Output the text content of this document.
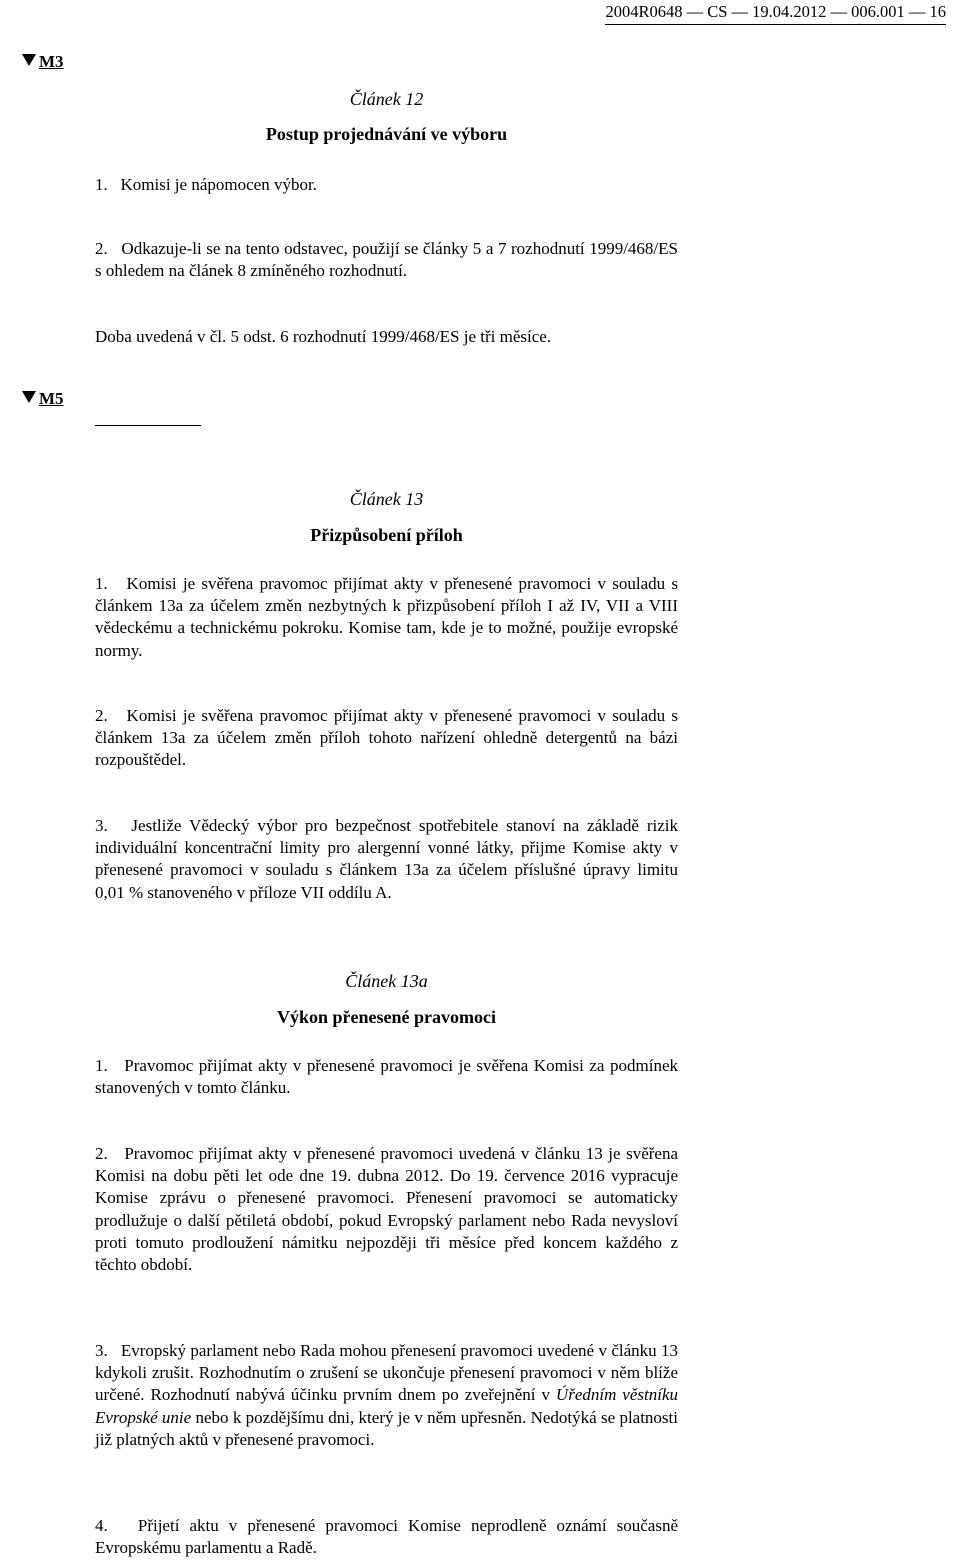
2004R0648 — CS — 19.04.2012 — 006.001 — 16
M3
Článek 12
Postup projednávání ve výboru

1.   Komisi je nápomocen výbor.

2.   Odkazuje-li se na tento odstavec, použijí se články 5 a 7 rozhodnutí 1999/468/ES s ohledem na článek 8 zmíněného rozhodnutí.

Doba uvedená v čl. 5 odst. 6 rozhodnutí 1999/468/ES je tři měsíce.

M5
Článek 13
Přizpůsobení příloh

1.   Komisi je svěřena pravomoc přijímat akty v přenesené pravomoci v souladu s článkem 13a za účelem změn nezbytných k přizpůsobení příloh I až IV, VII a VIII vědeckému a technickému pokroku. Komise tam, kde je to možné, použije evropské normy.

2.   Komisi je svěřena pravomoc přijímat akty v přenesené pravomoci v souladu s článkem 13a za účelem změn příloh tohoto nařízení ohledně detergentů na bázi rozpouštědel.

3.   Jestliže Vědecký výbor pro bezpečnost spotřebitele stanoví na základě rizik individuální koncentrační limity pro alergenní vonné látky, přijme Komise akty v přenesené pravomoci v souladu s článkem 13a za účelem příslušné úpravy limitu 0,01 % stanoveného v příloze VII oddílu A.

Článek 13a
Výkon přenesené pravomoci

1.   Pravomoc přijímat akty v přenesené pravomoci je svěřena Komisi za podmínek stanovených v tomto článku.

2.   Pravomoc přijímat akty v přenesené pravomoci uvedená v článku 13 je svěřena Komisi na dobu pěti let ode dne 19. dubna 2012. Do 19. července 2016 vypracuje Komise zprávu o přenesené pravomoci. Přenesení pravomoci se automaticky prodlužuje o další pětiletá období, pokud Evropský parlament nebo Rada nevysloví proti tomuto prodloužení námitku nejpozději tři měsíce před koncem každého z těchto období.

3.   Evropský parlament nebo Rada mohou přenesení pravomoci uvedené v článku 13 kdykoli zrušit. Rozhodnutím o zrušení se ukončuje přenesení pravomoci v něm blíže určené. Rozhodnutí nabývá účinku prvním dnem po zveřejnění v Úředním věstníku Evropské unie nebo k pozdějšímu dni, který je v něm upřesněn. Nedotýká se platnosti již platných aktů v přenesené pravomoci.

4.   Přijetí aktu v přenesené pravomoci Komise neprodleně oznámí současně Evropskému parlamentu a Radě.
